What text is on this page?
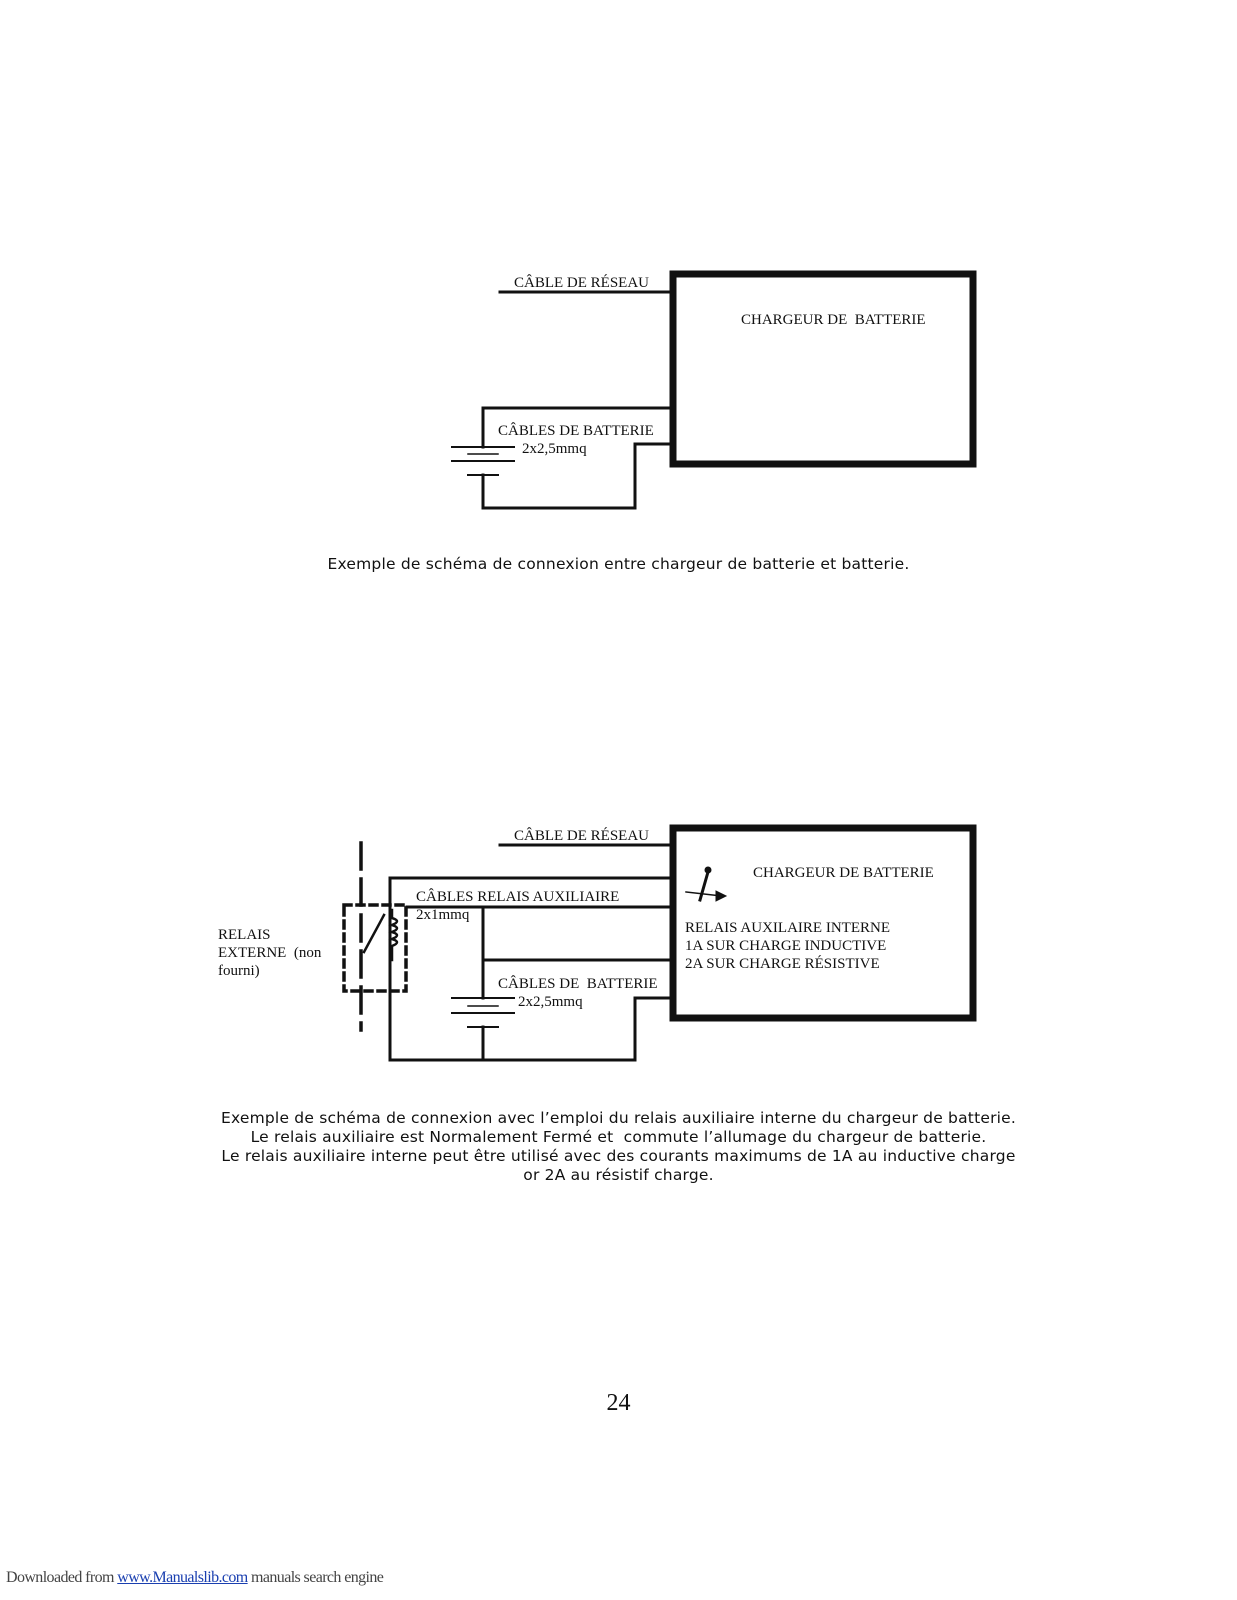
CÂBLE DE RÉSEAU
CHARGEUR DE  BATTERIE
CÂBLES DE BATTERIE
2x2,5mmq
CÂBLE DE RÉSEAU
CHARGEUR DE BATTERIE
CÂBLES RELAIS AUXILIAIRE
2x1mmq
RELAIS AUXILAIRE INTERNE
1A SUR CHARGE INDUCTIVE
2A SUR CHARGE RÉSISTIVE
CÂBLES DE  BATTERIE
2x2,5mmq
RELAIS
EXTERNE  (non
fourni)
Exemple de schéma de connexion entre chargeur de batterie et batterie.
Exemple de schéma de connexion avec l’emploi du relais auxiliaire interne du chargeur de batterie.
Le relais auxiliaire est Normalement Fermé et  commute l’allumage du chargeur de batterie.
Le relais auxiliaire interne peut être utilisé avec des courants maximums de 1A au inductive charge
or 2A au résistif charge.
24
Downloaded from www.Manualslib.com manuals search engine
